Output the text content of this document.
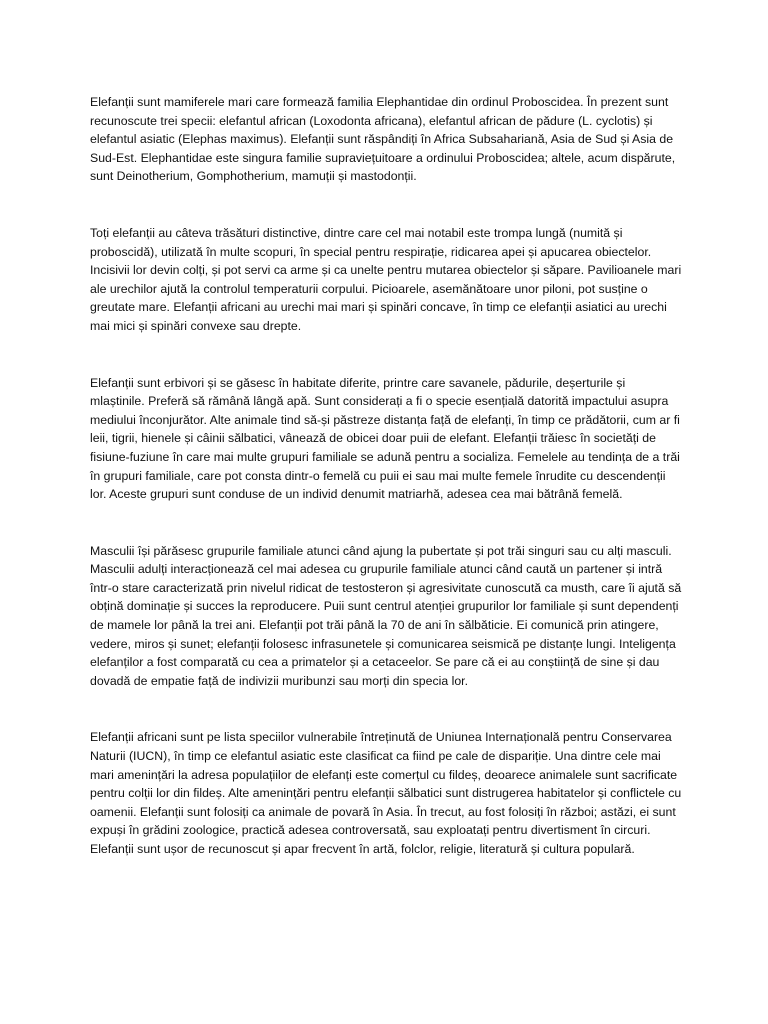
Elefanții sunt mamiferele mari care formează familia Elephantidae din ordinul Proboscidea. În prezent sunt recunoscute trei specii: elefantul african (Loxodonta africana), elefantul african de pădure (L. cyclotis) și elefantul asiatic (Elephas maximus). Elefanții sunt răspândiți în Africa Subsahariană, Asia de Sud și Asia de Sud-Est. Elephantidae este singura familie supraviețuitoare a ordinului Proboscidea; altele, acum dispărute, sunt Deinotherium, Gomphotherium, mamuții și mastodonții.

Toți elefanții au câteva trăsături distinctive, dintre care cel mai notabil este trompa lungă (numită și proboscidă), utilizată în multe scopuri, în special pentru respirație, ridicarea apei și apucarea obiectelor. Incisivii lor devin colți, și pot servi ca arme și ca unelte pentru mutarea obiectelor și săpare. Pavilioanele mari ale urechilor ajută la controlul temperaturii corpului. Picioarele, asemănătoare unor piloni, pot susține o greutate mare. Elefanții africani au urechi mai mari și spinări concave, în timp ce elefanții asiatici au urechi mai mici și spinări convexe sau drepte.

Elefanții sunt erbivori și se găsesc în habitate diferite, printre care savanele, pădurile, deșerturile și mlaștinile. Preferă să rămână lângă apă. Sunt considerați a fi o specie esențială datorită impactului asupra mediului înconjurător. Alte animale tind să-și păstreze distanța față de elefanți, în timp ce prădătorii, cum ar fi leii, tigrii, hienele și câinii sălbatici, vânează de obicei doar puii de elefant. Elefanții trăiesc în societăți de fisiune-fuziune în care mai multe grupuri familiale se adună pentru a socializa. Femelele au tendința de a trăi în grupuri familiale, care pot consta dintr-o femelă cu puii ei sau mai multe femele înrudite cu descendenții lor. Aceste grupuri sunt conduse de un individ denumit matriarhă, adesea cea mai bătrână femelă.

Masculii își părăsesc grupurile familiale atunci când ajung la pubertate și pot trăi singuri sau cu alți masculi. Masculii adulți interacționează cel mai adesea cu grupurile familiale atunci când caută un partener și intră într-o stare caracterizată prin nivelul ridicat de testosteron și agresivitate cunoscută ca musth, care îi ajută să obțină dominație și succes la reproducere. Puii sunt centrul atenției grupurilor lor familiale și sunt dependenți de mamele lor până la trei ani. Elefanții pot trăi până la 70 de ani în sălbăticie. Ei comunică prin atingere, vedere, miros și sunet; elefanții folosesc infrasunetele și comunicarea seismică pe distanțe lungi. Inteligența elefanților a fost comparată cu cea a primatelor și a cetaceelor. Se pare că ei au conștiință de sine și dau dovadă de empatie față de indivizii muribunzi sau morți din specia lor.

Elefanții africani sunt pe lista speciilor vulnerabile întreținută de Uniunea Internațională pentru Conservarea Naturii (IUCN), în timp ce elefantul asiatic este clasificat ca fiind pe cale de dispariție. Una dintre cele mai mari amenințări la adresa populațiilor de elefanți este comerțul cu fildeș, deoarece animalele sunt sacrificate pentru colții lor din fildeș. Alte amenințări pentru elefanții sălbatici sunt distrugerea habitatelor și conflictele cu oamenii. Elefanții sunt folosiți ca animale de povară în Asia. În trecut, au fost folosiți în război; astăzi, ei sunt expuși în grădini zoologice, practică adesea controversată, sau exploatați pentru divertisment în circuri. Elefanții sunt ușor de recunoscut și apar frecvent în artă, folclor, religie, literatură și cultura populară.
